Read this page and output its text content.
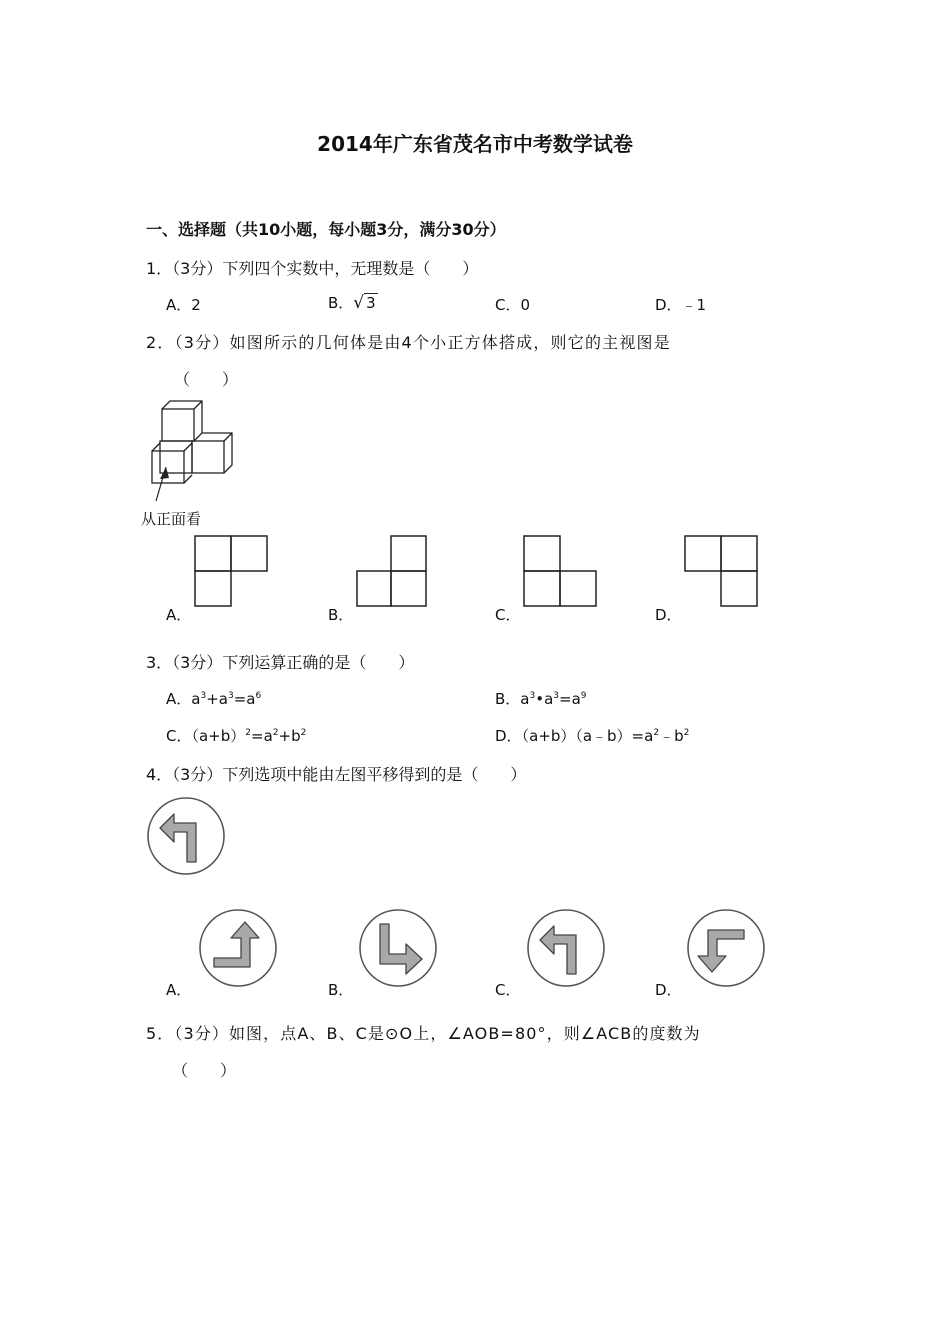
2014年广东省茂名市中考数学试卷
一、选择题（共10小题，每小题3分，满分30分）
1．（3分）下列四个实数中，无理数是（　　）
A．2	B．√ 3	C．0	D．﹣1
2．（3分）如图所示的几何体是由4个小正方体搭成，则它的主视图是
（　　）
从正面看
A．	B．	C．	D．
3．（3分）下列运算正确的是（　　）
A．$a^3+a^3=a^6$	B．$a^3•a^3=a^9$
C．$(a+b)^2=a^2+b^2$	D．$(a+b)(a﹣b)=a^2﹣b^2$
4．（3分）下列选项中能由左图平移得到的是（　　）
A．	B．	C．	D．
5．（3分）如图，点A、B、C是⊙O上，∠AOB=80°，则∠ACB的度数为
（　　）
